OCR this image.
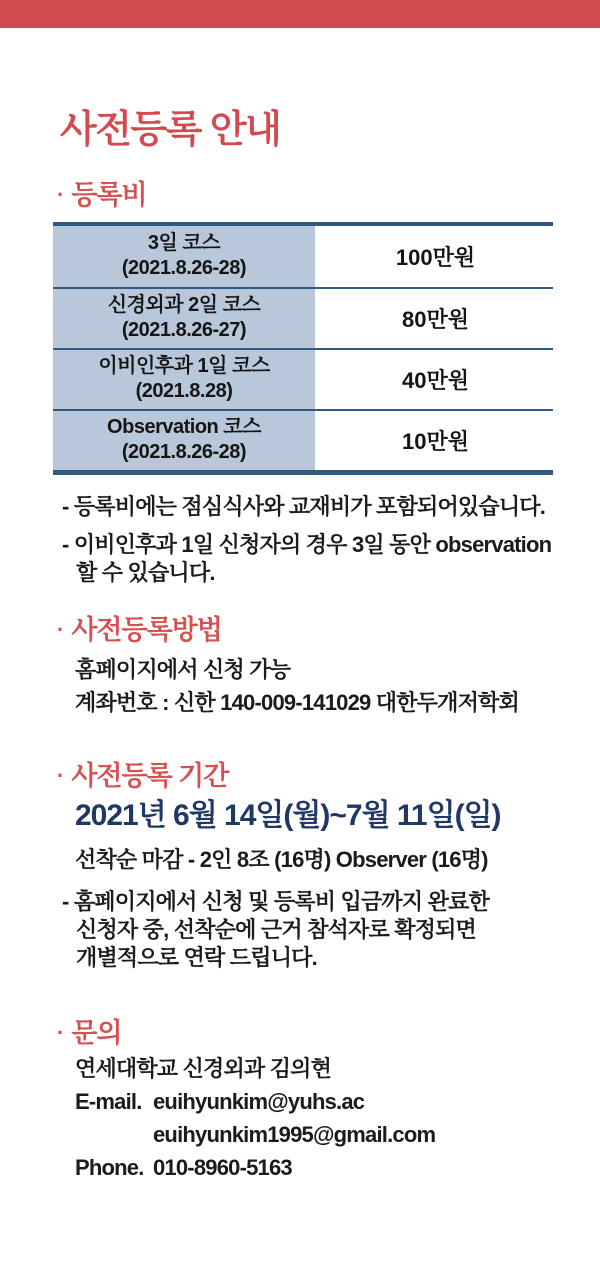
사전등록 안내
· 등록비
3일 코스
(2021.8.26-28)	100만원
신경외과 2일 코스
(2021.8.26-27)	80만원
이비인후과 1일 코스
(2021.8.28)	40만원
Observation 코스
(2021.8.26-28)	10만원
- 등록비에는 점심식사와 교재비가 포함되어있습니다.
- 이비인후과 1일 신청자의 경우 3일 동안 observation
할 수 있습니다.
· 사전등록방법
홈페이지에서 신청 가능
계좌번호 : 신한 140-009-141029 대한두개저학회
· 사전등록 기간
2021년 6월 14일(월)~7월 11일(일)
선착순 마감 - 2인 8조 (16명) Observer (16명)
- 홈페이지에서 신청 및 등록비 입금까지 완료한
신청자 중, 선착순에 근거 참석자로 확정되면
개별적으로 연락 드립니다.
· 문의
연세대학교 신경외과 김의현
E-mail. euihyunkim@yuhs.ac
euihyunkim1995@gmail.com
Phone. 010-8960-5163
